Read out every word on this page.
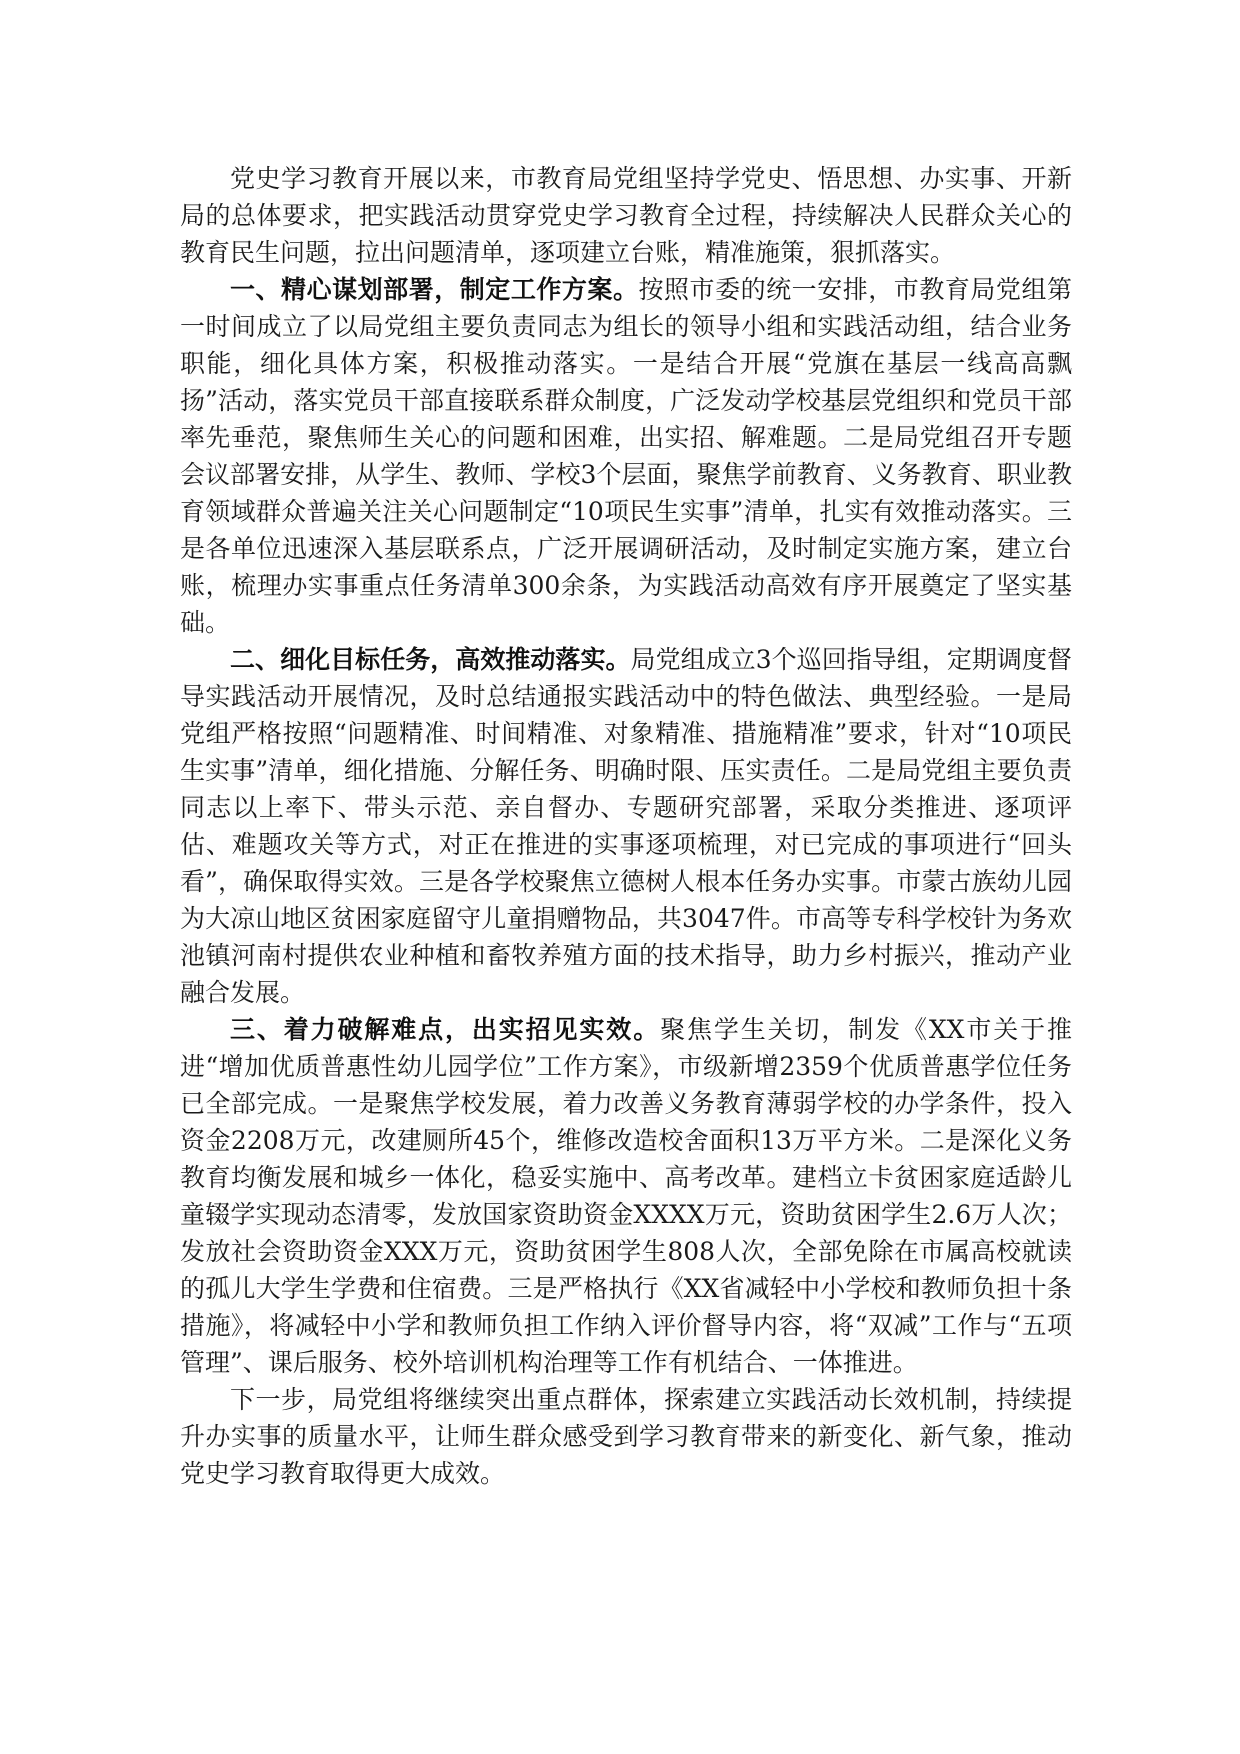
党史学习教育开展以来，市教育局党组坚持学党史、悟思想、办实事、开新局的总体要求，把实践活动贯穿党史学习教育全过程，持续解决人民群众关心的教育民生问题，拉出问题清单，逐项建立台账，精准施策，狠抓落实。

一、精心谋划部署，制定工作方案。按照市委的统一安排，市教育局党组第一时间成立了以局党组主要负责同志为组长的领导小组和实践活动组，结合业务职能，细化具体方案，积极推动落实。一是结合开展“党旗在基层一线高高飘扬”活动，落实党员干部直接联系群众制度，广泛发动学校基层党组织和党员干部率先垂范，聚焦师生关心的问题和困难，出实招、解难题。二是局党组召开专题会议部署安排，从学生、教师、学校3个层面，聚焦学前教育、义务教育、职业教育领域群众普遍关注关心问题制定“10项民生实事”清单，扎实有效推动落实。三是各单位迅速深入基层联系点，广泛开展调研活动，及时制定实施方案，建立台账，梳理办实事重点任务清单300余条，为实践活动高效有序开展奠定了坚实基础。

二、细化目标任务，高效推动落实。局党组成立3个巡回指导组，定期调度督导实践活动开展情况，及时总结通报实践活动中的特色做法、典型经验。一是局党组严格按照“问题精准、时间精准、对象精准、措施精准”要求，针对“10项民生实事”清单，细化措施、分解任务、明确时限、压实责任。二是局党组主要负责同志以上率下、带头示范、亲自督办、专题研究部署，采取分类推进、逐项评估、难题攻关等方式，对正在推进的实事逐项梳理，对已完成的事项进行“回头看”，确保取得实效。三是各学校聚焦立德树人根本任务办实事。市蒙古族幼儿园为大凉山地区贫困家庭留守儿童捐赠物品，共3047件。市高等专科学校针为务欢池镇河南村提供农业种植和畜牧养殖方面的技术指导，助力乡村振兴，推动产业融合发展。

三、着力破解难点，出实招见实效。聚焦学生关切，制发《XX市关于推进“增加优质普惠性幼儿园学位”工作方案》，市级新增2359个优质普惠学位任务已全部完成。一是聚焦学校发展，着力改善义务教育薄弱学校的办学条件，投入资金2208万元，改建厕所45个，维修改造校舍面积13万平方米。二是深化义务教育均衡发展和城乡一体化，稳妥实施中、高考改革。建档立卡贫困家庭适龄儿童辍学实现动态清零，发放国家资助资金XXXX万元，资助贫困学生2.6万人次；发放社会资助资金XXX万元，资助贫困学生808人次，全部免除在市属高校就读的孤儿大学生学费和住宿费。三是严格执行《XX省减轻中小学校和教师负担十条措施》，将减轻中小学和教师负担工作纳入评价督导内容，将“双减”工作与“五项管理”、课后服务、校外培训机构治理等工作有机结合、一体推进。

下一步，局党组将继续突出重点群体，探索建立实践活动长效机制，持续提升办实事的质量水平，让师生群众感受到学习教育带来的新变化、新气象，推动党史学习教育取得更大成效。
